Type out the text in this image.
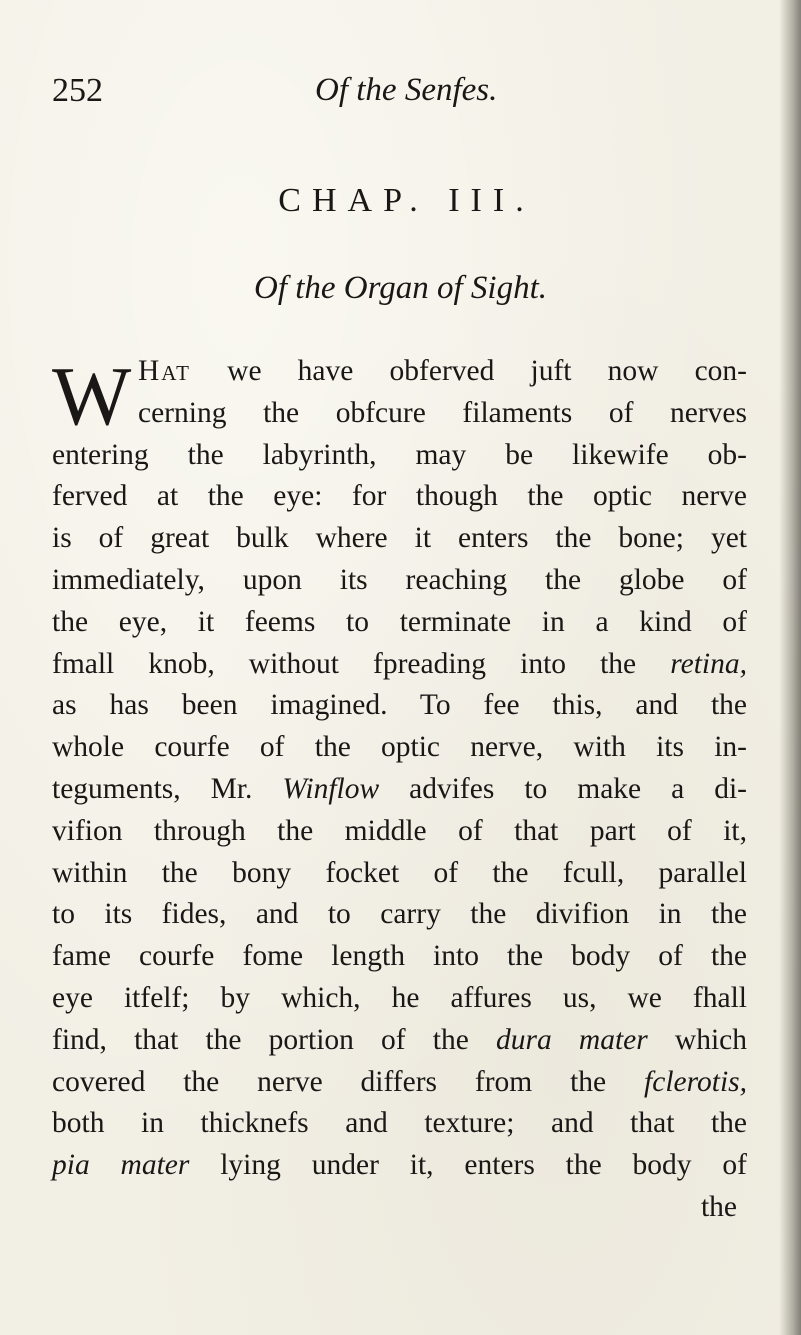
252	Of the Senfes.
CHAP. III.
Of the Organ of Sight.
W Hat we have obferved juft now con-
cerning the obfcure filaments of nerves
entering the labyrinth, may be likewife ob-
ferved at the eye: for though the optic nerve
is of great bulk where it enters the bone; yet
immediately, upon its reaching the globe of
the eye, it feems to terminate in a kind of
fmall knob, without fpreading into the retina,
as has been imagined. To fee this, and the
whole courfe of the optic nerve, with its in-
teguments, Mr. Winflow advifes to make a di-
vifion through the middle of that part of it,
within the bony focket of the fcull, parallel
to its fides, and to carry the divifion in the
fame courfe fome length into the body of the
eye itfelf; by which, he affures us, we fhall
find, that the portion of the dura mater which
covered the nerve differs from the fclerotis,
both in thicknefs and texture; and that the
pia mater lying under it, enters the body of
the
